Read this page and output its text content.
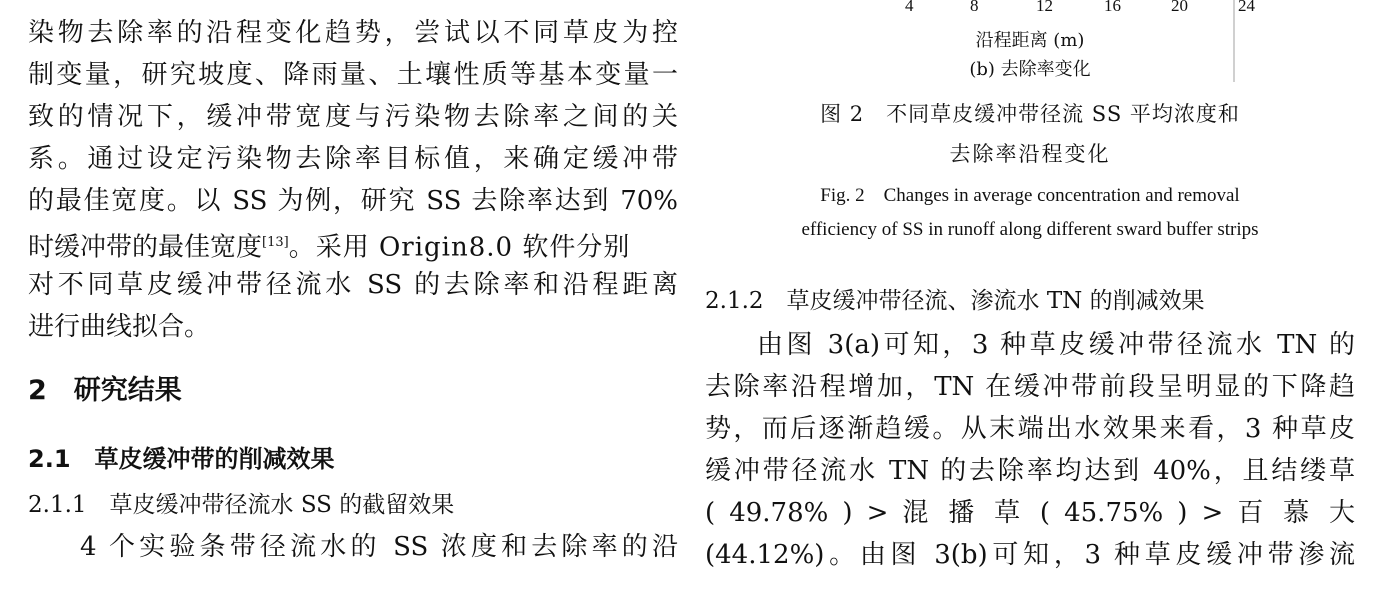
染物去除率的沿程变化趋势，尝试以不同草皮为控
制变量，研究坡度、降雨量、土壤性质等基本变量一
致的情况下，缓冲带宽度与污染物去除率之间的关
系。通过设定污染物去除率目标值，来确定缓冲带
的最佳宽度。以 SS 为例，研究 SS 去除率达到 70%
时缓冲带的最佳宽度[13]。采用 Origin8.0 软件分别
对不同草皮缓冲带径流水 SS 的去除率和沿程距离
进行曲线拟合。
2　研究结果
2.1　草皮缓冲带的削减效果
2.1.1　草皮缓冲带径流水 SS 的截留效果
4 个实验条带径流水的 SS 浓度和去除率的沿
4	8	12	16	20	24
沿程距离 (m)
(b) 去除率变化
图 2　不同草皮缓冲带径流 SS 平均浓度和
去除率沿程变化
Fig. 2　Changes in average concentration and removal
efficiency of SS in runoff along different sward buffer strips
2.1.2　草皮缓冲带径流、渗流水 TN 的削减效果
由图 3(a)可知，3 种草皮缓冲带径流水 TN 的
去除率沿程增加，TN 在缓冲带前段呈明显的下降趋
势，而后逐渐趋缓。从末端出水效果来看，3 种草皮
缓冲带径流水 TN 的去除率均达到 40%，且结缕草
( 49.78% ) > 混 播 草 ( 45.75% ) > 百 慕 大
(44.12%)。由图 3(b)可知，3 种草皮缓冲带渗流
